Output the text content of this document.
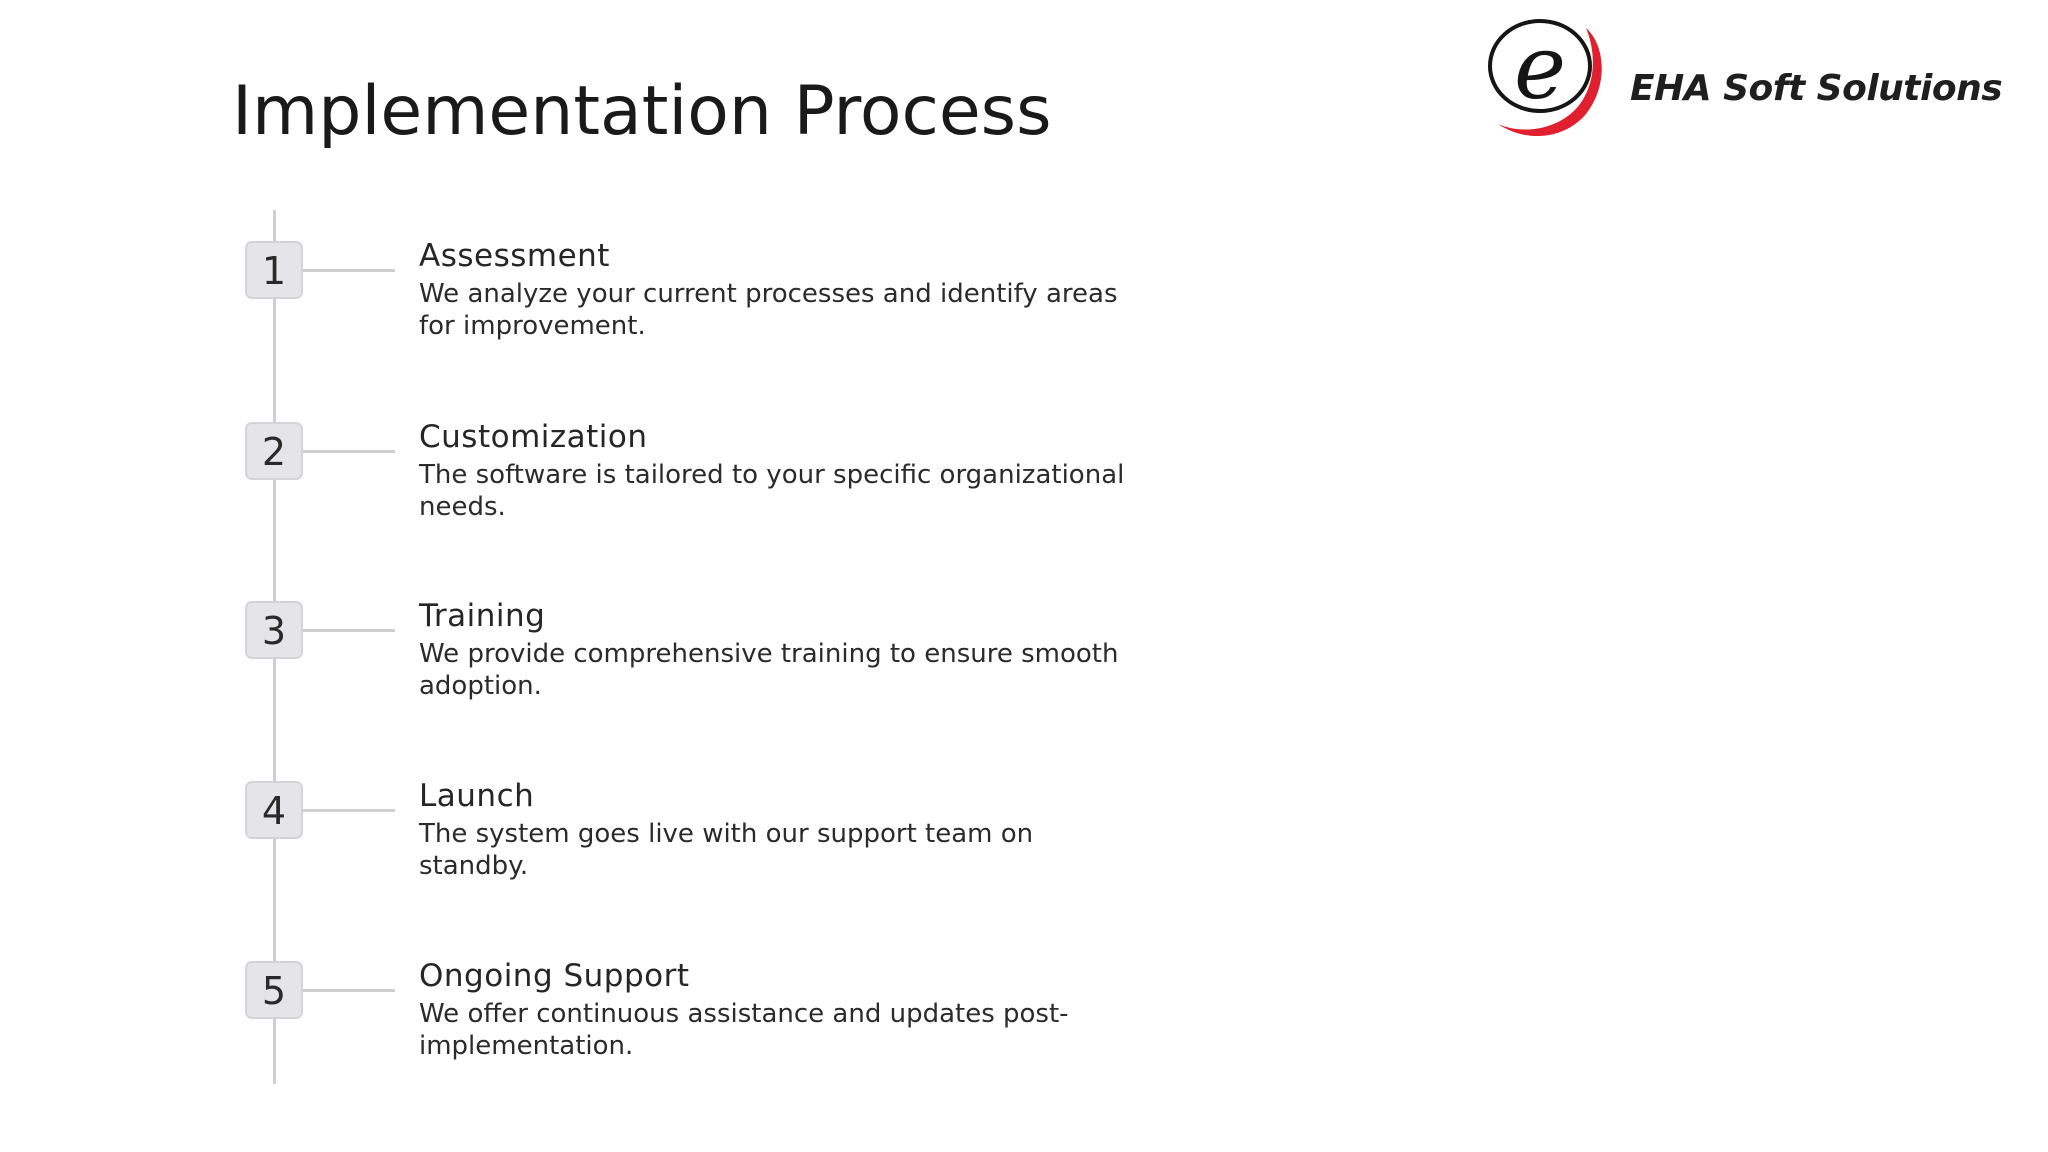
Implementation Process	e EHA Soft Solutions
1	Assessment
We analyze your current processes and identify areas for improvement.
2	Customization
The software is tailored to your specific organizational needs.
3	Training
We provide comprehensive training to ensure smooth adoption.
4	Launch
The system goes live with our support team on standby.
5	Ongoing Support
We offer continuous assistance and updates post-implementation.
